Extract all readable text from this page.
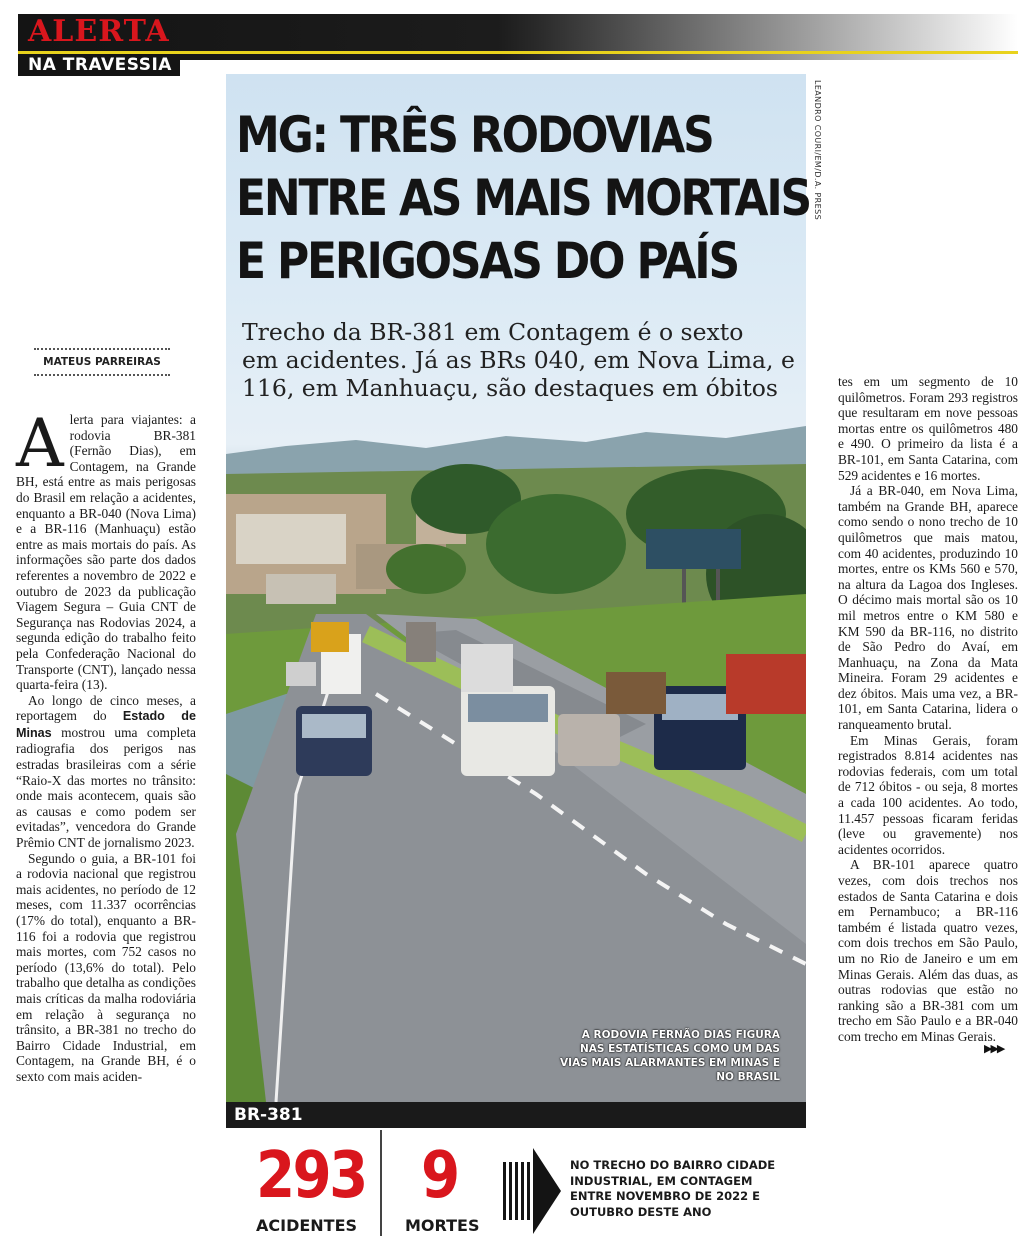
ALERTA
NA TRAVESSIA
LEANDRO COURI/EM/D.A. PRESS
MG: TRÊS RODOVIAS
ENTRE AS MAIS MORTAIS
E PERIGOSAS DO PAÍS

Trecho da BR-381 em Contagem é o sexto
em acidentes. Já as BRs 040, em Nova Lima, e
116, em Manhuaçu, são destaques em óbitos

A RODOVIA FERNÃO DIAS FIGURA NAS ESTATÍSTICAS COMO UM DAS VIAS MAIS ALARMANTES EM MINAS E NO BRASIL
MATEUS PARREIRAS

Alerta para viajantes: a rodovia BR-381 (Fernão Dias), em Contagem, na Grande BH, está entre as mais perigosas do Brasil em relação a acidentes, enquanto a BR-040 (Nova Lima) e a BR-116 (Manhuaçu) estão entre as mais mortais do país. As informações são parte dos dados referentes a novembro de 2022 e outubro de 2023 da publicação Viagem Segura – Guia CNT de Segurança nas Rodovias 2024, a segunda edição do trabalho feito pela Confederação Nacional do Transporte (CNT), lançado nessa quarta-feira (13).

Ao longo de cinco meses, a reportagem do Estado de Minas mostrou uma completa radiografia dos perigos nas estradas brasileiras com a série “Raio-X das mortes no trânsito: onde mais acontecem, quais são as causas e como podem ser evitadas”, vencedora do Grande Prêmio CNT de jornalismo 2023.

Segundo o guia, a BR-101 foi a rodovia nacional que registrou mais acidentes, no período de 12 meses, com 11.337 ocorrências (17% do total), enquanto a BR-116 foi a rodovia que registrou mais mortes, com 752 casos no período (13,6% do total). Pelo trabalho que detalha as condições mais críticas da malha rodoviária em relação à segurança no trânsito, a BR-381 no trecho do Bairro Cidade Industrial, em Contagem, na Grande BH, é o sexto com mais aciden-

tes em um segmento de 10 quilômetros. Foram 293 registros que resultaram em nove pessoas mortas entre os quilômetros 480 e 490. O primeiro da lista é a BR-101, em Santa Catarina, com 529 acidentes e 16 mortes.

Já a BR-040, em Nova Lima, também na Grande BH, aparece como sendo o nono trecho de 10 quilômetros que mais matou, com 40 acidentes, produzindo 10 mortes, entre os KMs 560 e 570, na altura da Lagoa dos Ingleses. O décimo mais mortal são os 10 mil metros entre o KM 580 e KM 590 da BR-116, no distrito de São Pedro do Avaí, em Manhuaçu, na Zona da Mata Mineira. Foram 29 acidentes e dez óbitos. Mais uma vez, a BR-101, em Santa Catarina, lidera o ranqueamento brutal.

Em Minas Gerais, foram registrados 8.814 acidentes nas rodovias federais, com um total de 712 óbitos - ou seja, 8 mortes a cada 100 acidentes. Ao todo, 11.457 pessoas ficaram feridas (leve ou gravemente) nos acidentes ocorridos.

A BR-101 aparece quatro vezes, com dois trechos nos estados de Santa Catarina e dois em Pernambuco; a BR-116 também é listada quatro vezes, com dois trechos em São Paulo, um no Rio de Janeiro e um em Minas Gerais. Além das duas, as outras rodovias que estão no ranking são a BR-381 com um trecho em São Paulo e a BR-040 com trecho em Minas Gerais.

▶▶▶
BR-381
293
ACIDENTES
9
MORTES
NO TRECHO DO BAIRRO CIDADE INDUSTRIAL, EM CONTAGEM ENTRE NOVEMBRO DE 2022 E OUTUBRO DESTE ANO
